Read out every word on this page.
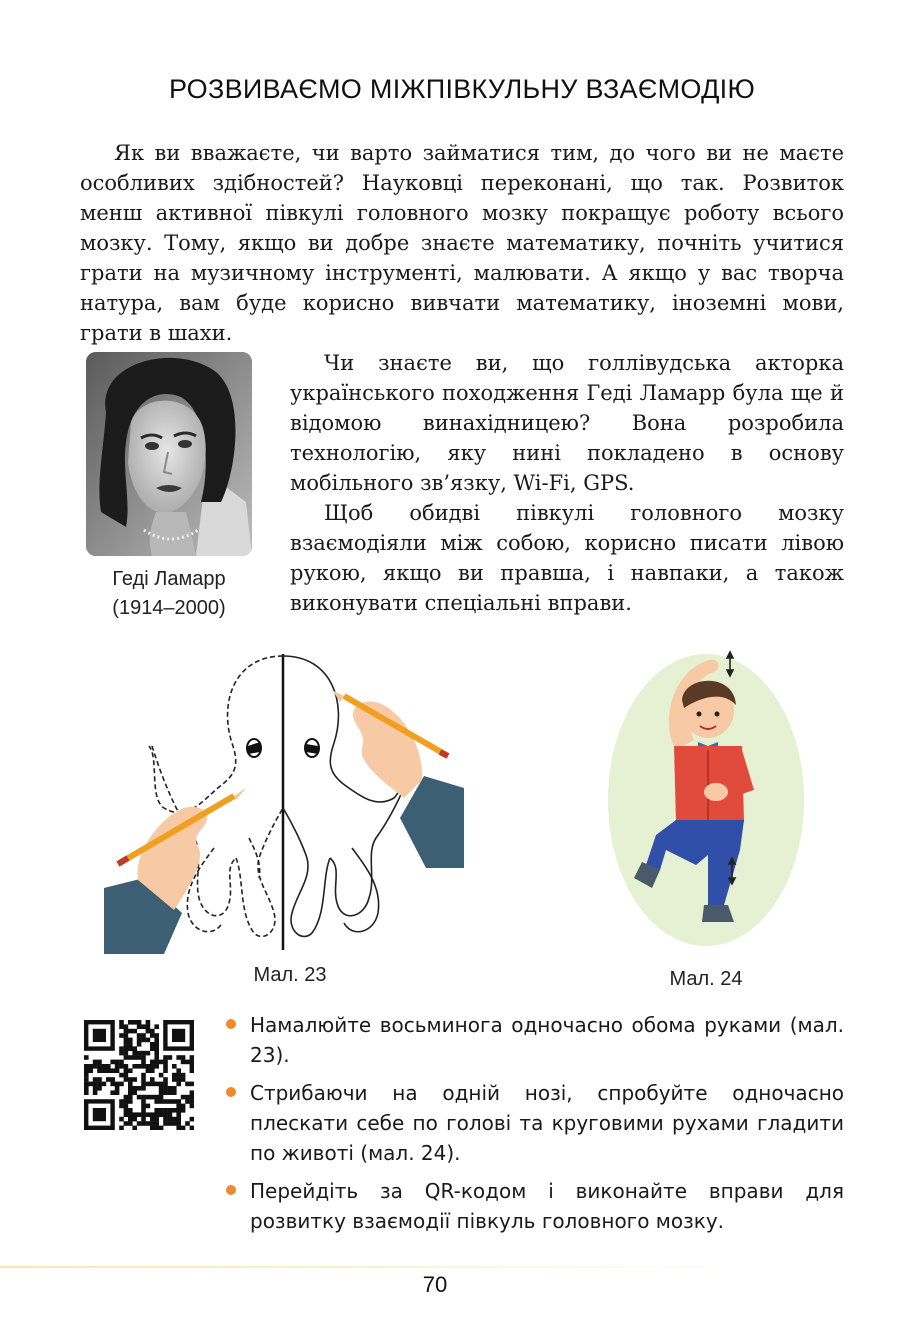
РОЗВИВАЄМО МІЖПІВКУЛЬНУ ВЗАЄМОДІЮ

Як ви вважаєте, чи варто займатися тим, до чого ви не маєте особливих здібностей? Науковці переконані, що так. Розвиток менш активної півкулі головного мозку покращує роботу всього мозку. Тому, якщо ви добре знаєте математику, почніть учитися грати на музичному інструменті, малювати. А якщо у вас творча натура, вам буде корисно вивчати математику, іноземні мови, грати в шахи.

Геді Ламарр
(1914–2000)

Чи знаєте ви, що голлівудська акторка українського походження Геді Ламарр була ще й відомою винахідницею? Вона розробила технологію, яку нині покладено в основу мобільного зв’язку, Wi-Fi, GPS.

Щоб обидві півкулі головного мозку взаємодіяли між собою, корисно писати лівою рукою, якщо ви правша, і навпаки, а також виконувати спеціальні вправи.

Мал. 23	Мал. 24
Намалюйте восьминога одночасно обома руками (мал. 23).
Стрибаючи на одній нозі, спробуйте одночасно плескати себе по голові та круговими рухами гладити по животі (мал. 24).
Перейдіть за QR-кодом і виконайте вправи для розвитку взаємодії півкуль головного мозку.
70
